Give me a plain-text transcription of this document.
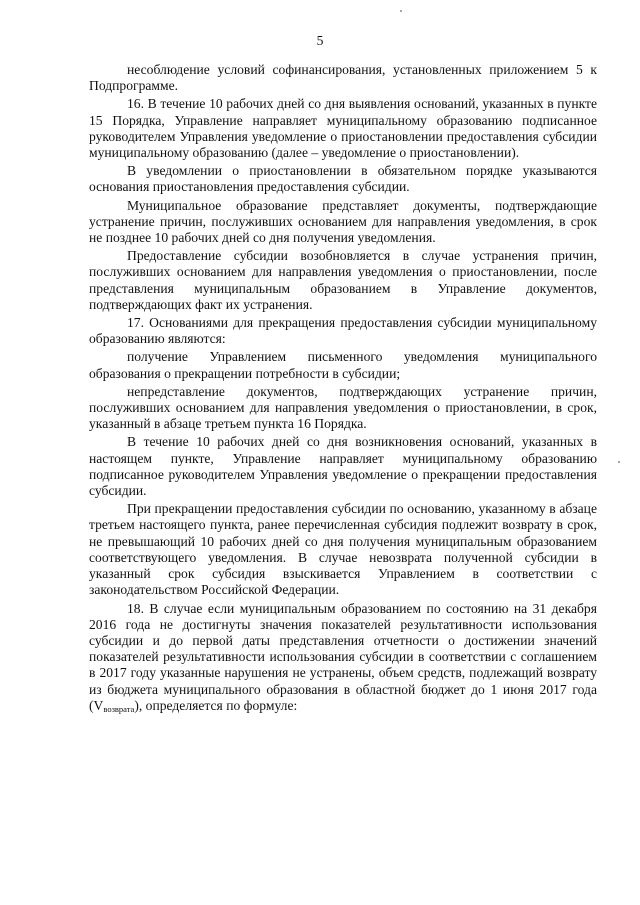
5

несоблюдение условий софинансирования, установленных приложением 5 к Подпрограмме.

16. В течение 10 рабочих дней со дня выявления оснований, указанных в пункте 15 Порядка, Управление направляет муниципальному образованию подписанное руководителем Управления уведомление о приостановлении предоставления субсидии муниципальному образованию (далее – уведомление о приостановлении).

В уведомлении о приостановлении в обязательном порядке указываются основания приостановления предоставления субсидии.

Муниципальное образование представляет документы, подтверждающие устранение причин, послуживших основанием для направления уведомления, в срок не позднее 10 рабочих дней со дня получения уведомления.

Предоставление субсидии возобновляется в случае устранения причин, послуживших основанием для направления уведомления о приостановлении, после представления муниципальным образованием в Управление документов, подтверждающих факт их устранения.

17. Основаниями для прекращения предоставления субсидии муниципальному образованию являются:

получение Управлением письменного уведомления муниципального образования о прекращении потребности в субсидии;

непредставление документов, подтверждающих устранение причин, послуживших основанием для направления уведомления о приостановлении, в срок, указанный в абзаце третьем пункта 16 Порядка.

В течение 10 рабочих дней со дня возникновения оснований, указанных в настоящем пункте, Управление направляет муниципальному образованию подписанное руководителем Управления уведомление о прекращении предоставления субсидии.

При прекращении предоставления субсидии по основанию, указанному в абзаце третьем настоящего пункта, ранее перечисленная субсидия подлежит возврату в срок, не превышающий 10 рабочих дней со дня получения муниципальным образованием соответствующего уведомления. В случае невозврата полученной субсидии в указанный срок субсидия взыскивается Управлением в соответствии с законодательством Российской Федерации.

18. В случае если муниципальным образованием по состоянию на 31 декабря 2016 года не достигнуты значения показателей результативности использования субсидии и до первой даты представления отчетности о достижении значений показателей результативности использования субсидии в соответствии с соглашением в 2017 году указанные нарушения не устранены, объем средств, подлежащий возврату из бюджета муниципального образования в областной бюджет до 1 июня 2017 года $(V_{возврата})$, определяется по формуле:
